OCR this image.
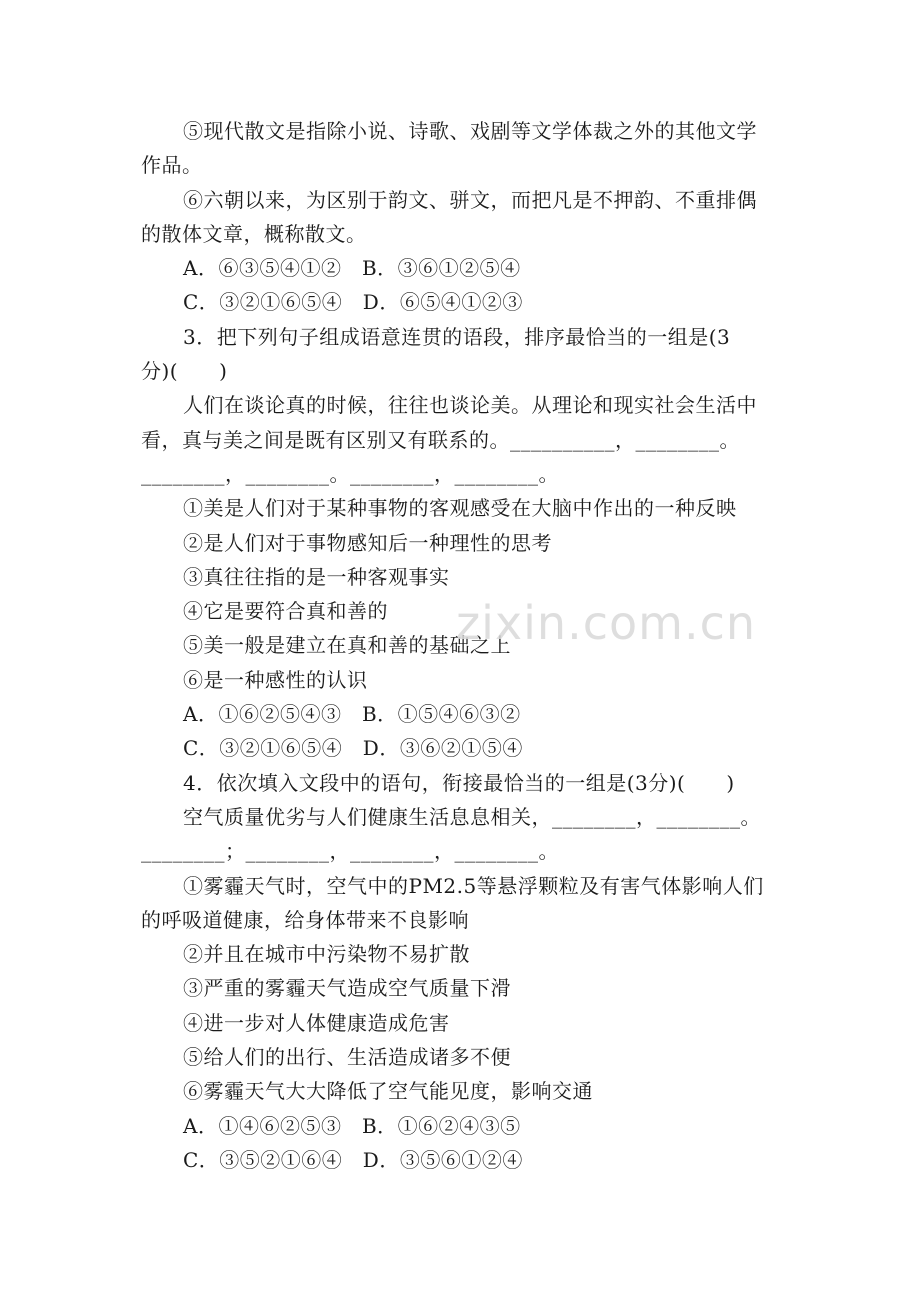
⑤现代散文是指除小说、诗歌、戏剧等文学体裁之外的其他文学
作品。
⑥六朝以来，为区别于韵文、骈文，而把凡是不押韵、不重排偶
的散体文章，概称散文。
A．⑥③⑤④①②　B．③⑥①②⑤④
C．③②①⑥⑤④　D．⑥⑤④①②③
3．把下列句子组成语意连贯的语段，排序最恰当的一组是(3
分)(　　)
人们在谈论真的时候，往往也谈论美。从理论和现实社会生活中
看，真与美之间是既有区别又有联系的。__________，________。
________，________。________，________。
①美是人们对于某种事物的客观感受在大脑中作出的一种反映
②是人们对于事物感知后一种理性的思考
③真往往指的是一种客观事实
④它是要符合真和善的
⑤美一般是建立在真和善的基础之上
⑥是一种感性的认识
A．①⑥②⑤④③　B．①⑤④⑥③②
C．③②①⑥⑤④　D．③⑥②①⑤④
4．依次填入文段中的语句，衔接最恰当的一组是(3分)(　　)
空气质量优劣与人们健康生活息息相关，________，________。
________；________，________，________。
①雾霾天气时，空气中的PM2.5等悬浮颗粒及有害气体影响人们
的呼吸道健康，给身体带来不良影响
②并且在城市中污染物不易扩散
③严重的雾霾天气造成空气质量下滑
④进一步对人体健康造成危害
⑤给人们的出行、生活造成诸多不便
⑥雾霾天气大大降低了空气能见度，影响交通
A．①④⑥②⑤③　B．①⑥②④③⑤
C．③⑤②①⑥④　D．③⑤⑥①②④
zixin.com.cn
